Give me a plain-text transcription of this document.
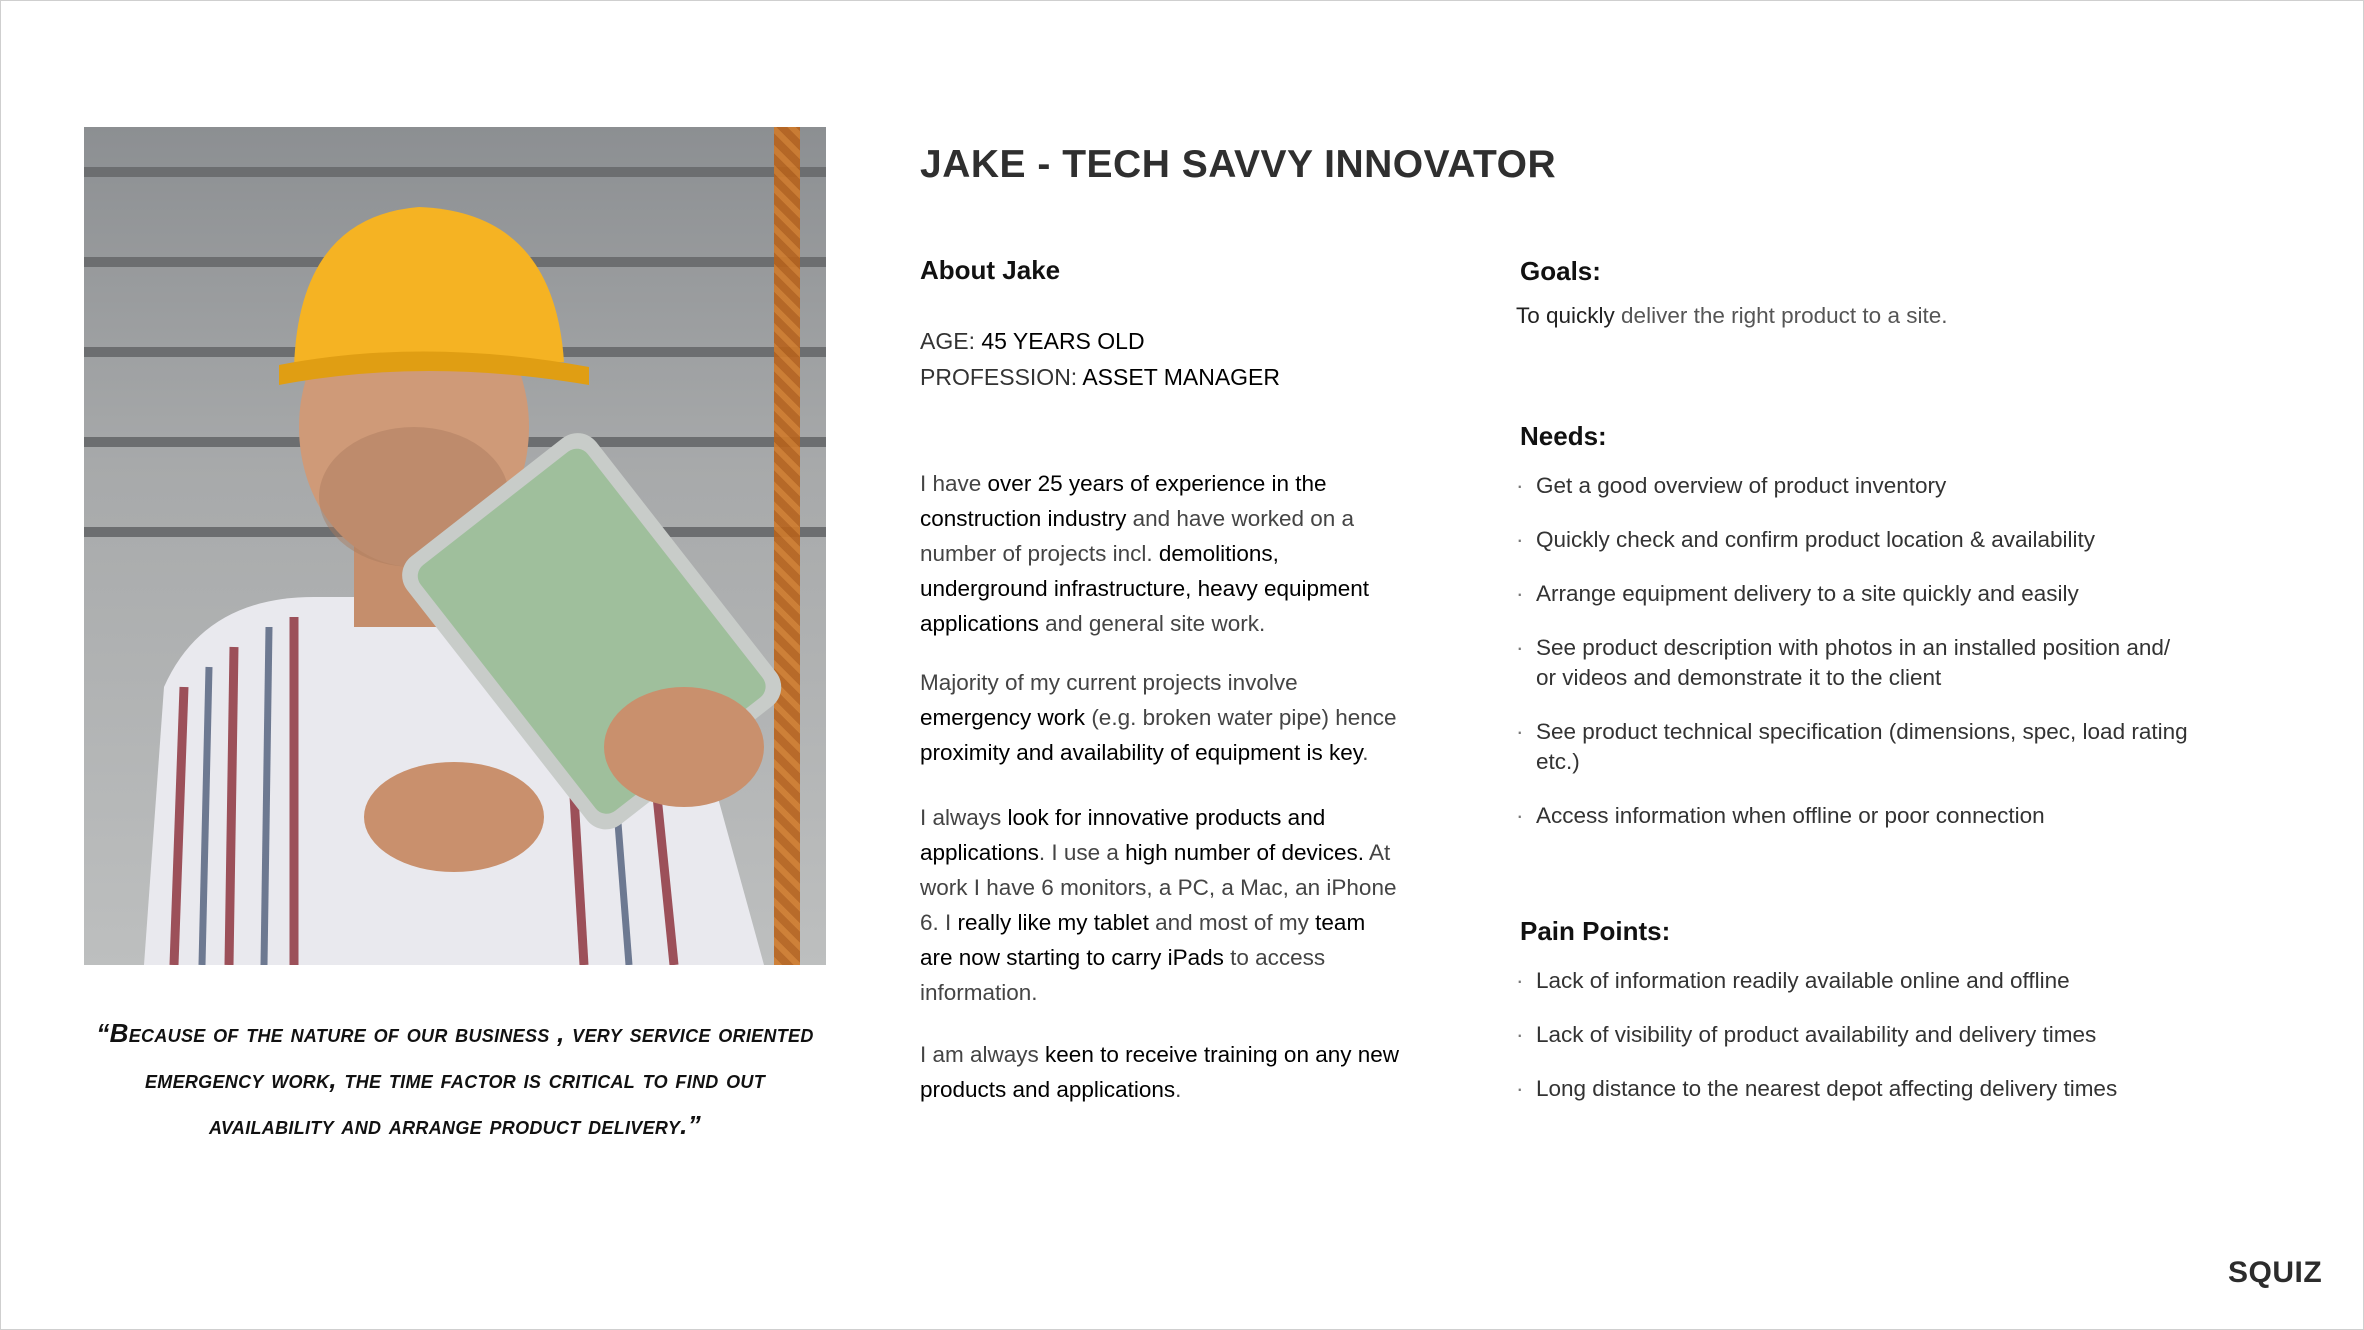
“Because of the nature of our business , very service oriented emergency work, the time factor is critical to find out availability and arrange product delivery.”
JAKE - TECH SAVVY INNOVATOR
About Jake
AGE: 45 YEARS OLD
PROFESSION: ASSET MANAGER

I have over 25 years of experience in the construction industry and have worked on a number of projects incl. demolitions, underground infrastructure, heavy equipment applications and general site work.

Majority of my current projects involve emergency work (e.g. broken water pipe) hence proximity and availability of equipment is key.

I always look for innovative products and applications. I use a high number of devices. At work I have 6 monitors, a PC, a Mac, an iPhone 6. I really like my tablet and most of my team are now starting to carry iPads to access information.

I am always keen to receive training on any new products and applications.

Goals:
To quickly deliver the right product to a site.
Needs:
· Get a good overview of product inventory
· Quickly check and confirm product location & availability
· Arrange equipment delivery to a site quickly and easily
· See product description with photos in an installed position and/ or videos and demonstrate it to the client
· See product technical specification (dimensions, spec, load rating etc.)
· Access information when offline or poor connection
Pain Points:
· Lack of information readily available online and offline
· Lack of visibility of product availability and delivery times
· Long distance to the nearest depot affecting delivery times
SQUIZ
